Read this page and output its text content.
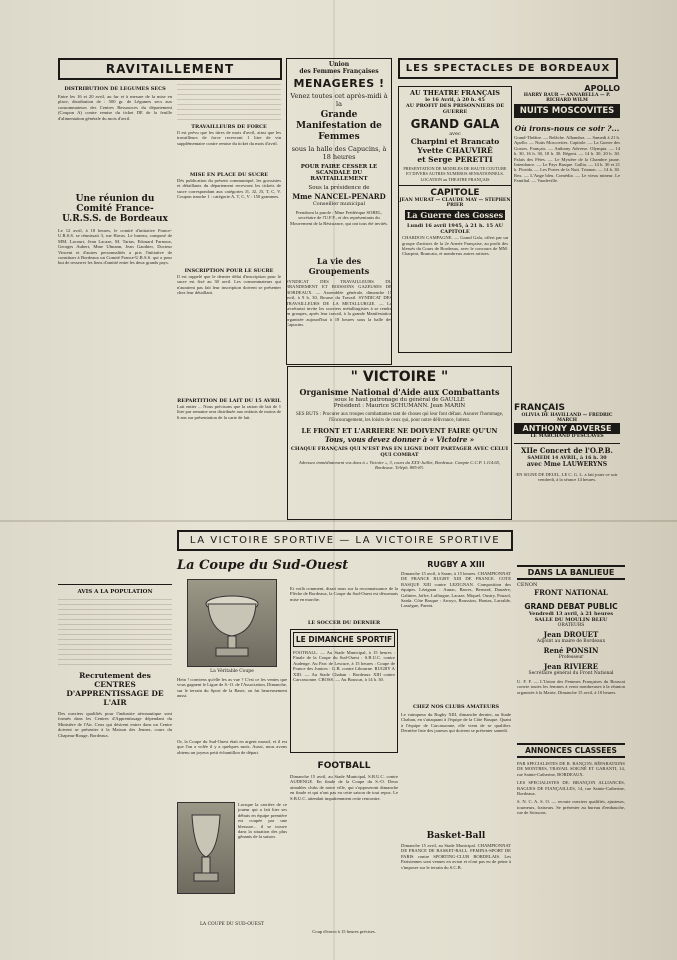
RAVITAILLEMENT
DISTRIBUTION DE LEGUMES SECS
Entre les 16 et 20 avril, au fur et à mesure de la mise en place, distribution de : 500 gr. de Légumes secs aux consommateurs des Centres Ressources du département (Coupon A) contre remise du ticket DE de la feuille d'alimentation générale du mois d'avril.
Une réunion du Comité France-U.R.S.S. de Bordeaux
Le 12 avril, à 18 heures, le comité d'initiative France-U.R.S.S. se réunissait 3, rue Havas. Le bureau, composé de MM. Lacourt, Jean Lacaze, M. Tartas, Edouard Farnoux, Georges Aubert, Mme Ulmann, Jean Gauthier, Docteur Vincent et d'autres personnalités a pris l'initiative de constituer à Bordeaux un Comité France-U.R.S.S. qui a pour but de resserrer les liens d'amitié entre les deux grands pays.
AVIS A LA POPULATION
Recrutement des CENTRES D'APPRENTISSAGE DE L'AIR
Des ouvriers qualifiés pour l'industrie aéronautique sont formés dans les Centres d'Apprentissage dépendant du Ministère de l'Air. Ceux qui désirent entrer dans un Centre doivent se présenter à la Maison des Jeunes, cours du Chapeau-Rouge, Bordeaux.
TRAVAILLEURS DE FORCE
Il est prévu que les titres de mois d'avril, ainsi que les travailleurs de force recevront 1 litre de vin supplémentaire contre remise du ticket du mois d'avril.
MISE EN PLACE DU SUCRE
Dès publication du présent communiqué, les grossistes et détaillants du département recevront les tickets de sucre correspondant aux catégories J1, J2, J3, T, C, V. Coupon tranche 1 : catégorie A, T, C, V : 150 grammes.
INSCRIPTION POUR LE SUCRE
Il est rappelé que le dernier délai d'inscription pour le sucre est fixé au 30 avril. Les consommateurs qui n'auraient pas fait leur inscription doivent se présenter chez leur détaillant.
REPARTITION DE LAIT DU 15 AVRIL
Lait entier ... Nous précisons que la ration de lait de 1 litre par semaine sera distribuée aux enfants de moins de 6 ans sur présentation de la carte de lait.
Union
des Femmes Françaises
MENAGERES !
Venez toutes cet après-midi à la
Grande Manifestation de Femmes
sous la halle des Capucins, à 18 heures
POUR FAIRE CESSER LE SCANDALE DU RAVITAILLEMENT
Sous la présidence de
Mme NANCEL-PENARD
Conseiller municipal
Prendront la parole : Mme Frédérique SOREL, secrétaire de l'U.F.F., et des représentants du Mouvement de la Résistance, qui ont tous été invités.
La vie des Groupements
SYNDICAT DES TRAVAILLEURS DU BRANDEMENT ET BOISSONS GAZEUSES DE BORDEAUX. — Assemblée générale, dimanche 15 avril, à 9 h. 30, Bourse du Travail. SYNDICAT DES TRAVAILLEURS DE LA METALLURGIE. — Le secrétariat invite les ouvriers métallurgistes à se rendre en groupes, après leur travail, à la grande Manifestation organisée aujourd'hui à 18 heures sous la halle des Capucins.
LES SPECTACLES DE BORDEAUX
AU THEATRE FRANÇAIS
le 16 Avril, à 20 h. 45
AU PROFIT DES PRISONNIERS DE GUERRE
GRAND GALA
avec
Charpini et Brancato
Yvette CHAUVIRÉ
et Serge PERETTI
PRESENTATION DE MODELES DE HAUTE COUTURE ET DIVERS AUTRES NUMEROS SENSATIONNELS. LOCATION au THEATRE FRANÇAIS
CAPITOLE
JEAN MURAT — CLAUDE MAY — STEPHEN PRIER
La Guerre des Gosses
Lundi 16 avril 1945, à 21 h. 15 AU CAPITOLE
CHARDON CAMPAGNE. — Grand Gala, offert par un groupe d'artistes de la 2e Armée Française, au profit des blessés du Cours de Bordeaux, avec le concours de MM. Charpini, Brancato, et nombreux autres artistes.
APOLLO
HARRY BAUR — ANNABELLA — P. RICHARD WILM
NUITS MOSCOVITES
Où irons-nous ce soir ?...
Grand-Théâtre. — Relâche. Alhambra. — Samedi à 21 h. Apollo. — Nuits Moscovites. Capitole. — La Guerre des Gosses. Français. — Anthony Adverse. Olympia. — 14 h. 30, 16 h. 30, 18 h. 30. Régent. — 14 h. 30, 20 h. 30. Palais des Fêtes. — Le Mystère de la Chambre jaune. Intendance. — Le Pays Basque. Gallia. — 14 h. 30 et 21 h. Florida. — Les Portes de la Nuit. Trianon. — 14 h. 30. Rex. — L'Ange bleu. Comédia. — Le vieux mineur. Le Familial. — Vaudeville.
FRANÇAIS
OLIVIA DE HAVILLAND — FREDRIC MARCH
ANTHONY ADVERSE
LE MARCHAND D'ESCLAVES
XIIe Concert de l'O.P.B.
SAMEDI 14 AVRIL, à 16 h. 30
avec Mme LAUWERYNS
EN SIGNE DE DEUIL, LE C. G. L. a fait jouer ce soir vendredi, à la séance 14 heures.
" VICTOIRE "
Organisme National d'Aide aux Combattants
sous le haut patronage du général de GAULLE
Président : Maurice SCHUMANN. Jean MARIN
SES BUTS : Procurer aux troupes combattantes tant de choses qui leur font défaut. Assurer l'hommage, l'Encouragement, les loisirs de ceux qui, pour notre délivrance, luttent.
LE FRONT ET L'ARRIERE NE DOIVENT FAIRE QU'UN
Tous, vous devez donner à « Victoire »
CHAQUE FRANÇAIS QUI N'EST PAS EN LIGNE DOIT PARTAGER AVEC CELUI QUI COMBAT
Adressez immédiatement vos dons à « Victoire », 3, cours du XXX-Juillet, Bordeaux. Compte C.C.P. 1.114.65, Bordeaux. Téléph. 885-83.
LA VICTOIRE SPORTIVE — LA VICTOIRE SPORTIVE
La Coupe du Sud-Ouest
La Véritable Coupe
Hein ! conviens qu'elle les as vue ? C'est ce les ventes que vous gagnent le Ligue de S.-O. de l'Association, Dimanche, sur le terrain du Sport de la Baste, on fut heureusement aussi.
Or, la Coupe du Sud-Ouest était en argent massif, et il est que l'on a volée il y a quelques mois. Aussi, nous avons obtenu un joyeux petit échantillon de départ.
Lorsque la carrière de ce joueur qui a fait hier ses débuts en équipe première est coupée par une blessure... il se trouve dans la situation des plus gênants de la saison.
LA COUPE DU SUD-OUEST
Et voilà comment, disait nous sur la reconnaissance de la Flèche de Bordeaux, la Coupe du Sud-Ouest est désormais mise en marche.
LE SOCCER DU DERNIER
LE DIMANCHE SPORTIF
FOOTBALL. — Au Stade Municipal, à 15 heures : Finale de la Coupe du Sud-Ouest : S.B.U.C. contre Audenge. Au Parc de Lescure, à 15 heures : Coupe de France des Juniors : G.B. contre Libourne. RUGBY A XIII. — Au Stade Chaban : Bordeaux XIII contre Carcassonne. CROSS. — Au Bouscat, à 14 h. 30.
FOOTBALL
Dimanche 15 avril, au Stade Municipal, S.B.U.C. contre AUDENGE. En finale de la Coupe du S.-O. Deux aimables clubs de notre ville, qui s'opposeront dimanche en finale et qui n'ont pas eu cette saison de tout repos. Le S.B.U.C. attendait impatiemment cette rencontre.
Coup d'envoi à 15 heures précises.
RUGBY A XIII
Dimanche 15 avril, à Saran, à 15 heures. CHAMPIONNAT DE FRANCE RUGBY XIII DE FRANCE. COTE BASQUE XIII contre LEZIGNAN. Composition des équipes. Lézignan : Aunac, Barres, Bernard, Dauzère, Galinier, Jaffre, Laffargue, Lacaze, Miquel, Oustry, Pouzol, Sarda. Côte Basque : Arroyo, Boussion, Hontas, Larralde, Lassègue, Parent.
CHEZ NOS CLUBS AMATEURS
Le vainqueur du Rugby XIII, dimanche dernier, au Stade Chaban, en s'attaquant à l'équipe de la Côte Basque. Quant à l'équipe de Carcassonne, elle vient de se qualifier. Dernière liste des joueurs qui doivent se présenter samedi.
Basket-Ball
Dimanche 15 avril, au Stade Municipal. CHAMPIONNAT DE FRANCE DE BASKET-BALL. FEMINA-SPORT DE PARIS contre SPORTING-CLUB BORDELAIS. Les Parisiennes sont venues en avion et n'ont pas eu de peine à s'imposer sur le terrain du S.C.B.
DANS LA BANLIEUE
CENON
FRONT NATIONAL
GRAND DEBAT PUBLIC
Vendredi 13 avril, à 21 heures
SALLE DU MOULIN BLEU
ORATEURS
Jean DROUET
Adjoint au maire de Bordeaux
René PONSIN
Professeur
Jean RIVIERE
Secrétaire général du Front National
U. F. F. — L'Union des Femmes Françaises du Bouscat convie toutes les femmes à venir nombreuses à la réunion organisée à la Mairie, Dimanche 15 avril, à 10 heures.
ANNONCES CLASSEES
PAR SPECIALISTES DE R. BANÇON, RÉPARATIONS DE MONTRES, TRAVAIL SOIGNÉ ET GARANTI, 14, rue Sainte-Catherine, BORDEAUX.
LES SPECIALISTES DE: BRANÇON ALLIANCES, BAGUES DE FIANÇAILLES, 14, rue Sainte-Catherine, Bordeaux.
S. N. C. A. S. O. — recrute ouvriers qualifiés, ajusteurs, tourneurs, fraiseurs. Se présenter au bureau d'embauche, rue de Soissons.
